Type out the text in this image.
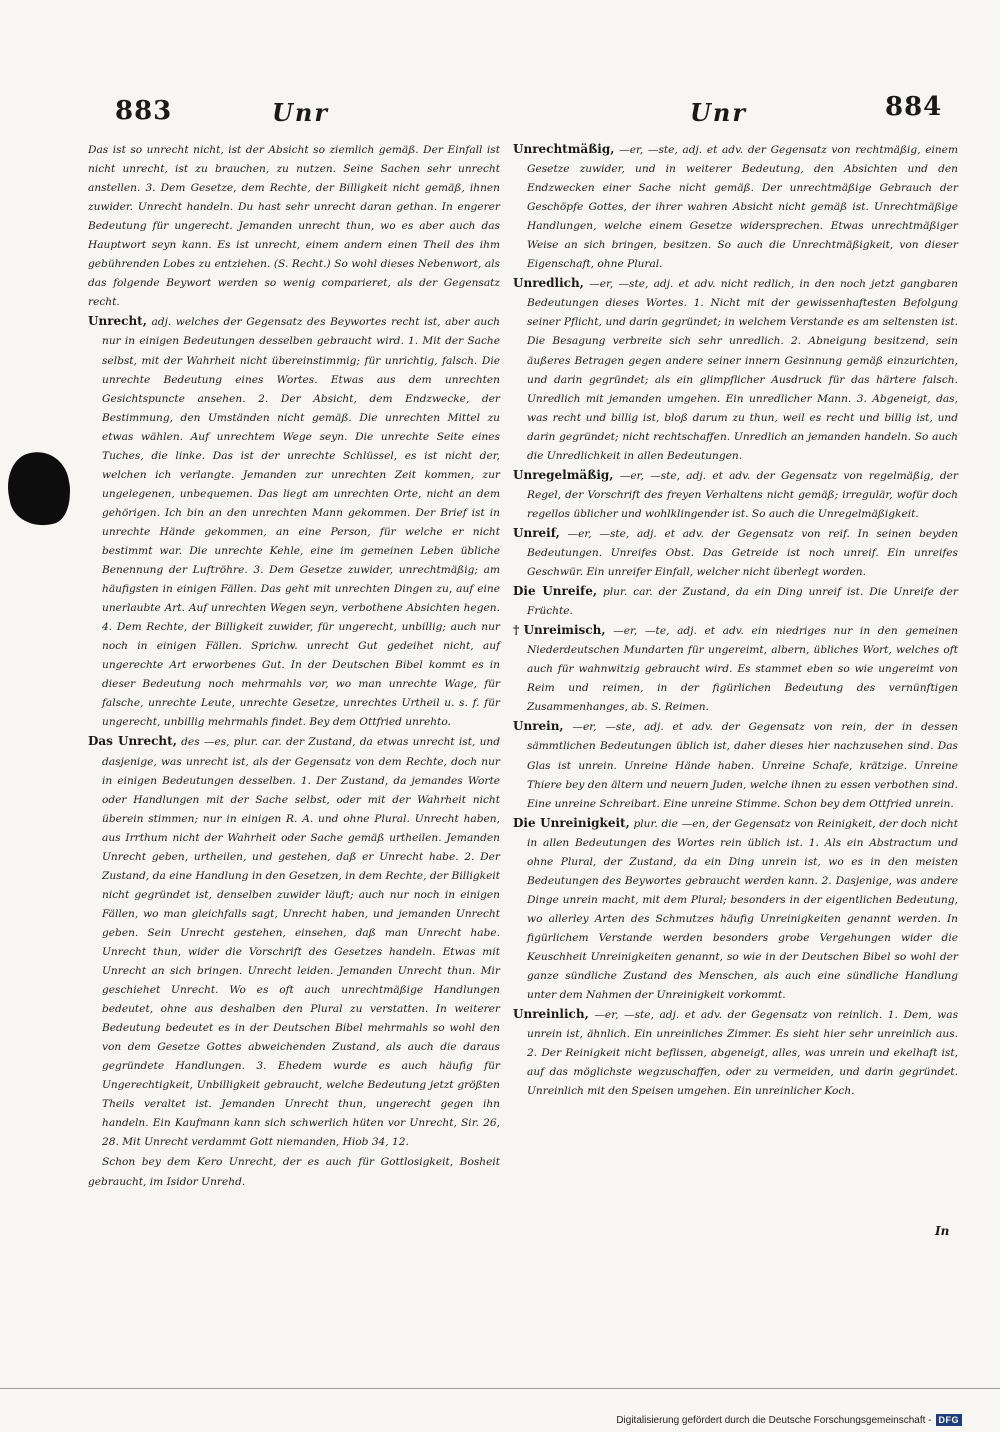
883	Unr	Unr	884

Das ist so unrecht nicht, ist der Absicht so ziemlich gemäß. Der Einfall ist nicht unrecht, ist zu brauchen, zu nutzen. Seine Sachen sehr unrecht anstellen. 3. Dem Gesetze, dem Rechte, der Billigkeit nicht gemäß, ihnen zuwider. Unrecht handeln. Du hast sehr unrecht daran gethan. In engerer Bedeutung für ungerecht. Jemanden unrecht thun, wo es aber auch das Hauptwort seyn kann. Es ist unrecht, einem andern einen Theil des ihm gebührenden Lobes zu entziehen. (S. Recht.) So wohl dieses Nebenwort, als das folgende Beywort werden so wenig comparieret, als der Gegensatz recht.

Unrecht, adj. welches der Gegensatz des Beywortes recht ist, aber auch nur in einigen Bedeutungen desselben gebraucht wird. 1. Mit der Sache selbst, mit der Wahrheit nicht übereinstimmig; für unrichtig, falsch. Die unrechte Bedeutung eines Wortes. Etwas aus dem unrechten Gesichtspuncte ansehen. 2. Der Absicht, dem Endzwecke, der Bestimmung, den Umständen nicht gemäß. Die unrechten Mittel zu etwas wählen. Auf unrechtem Wege seyn. Die unrechte Seite eines Tuches, die linke. Das ist der unrechte Schlüssel, es ist nicht der, welchen ich verlangte. Jemanden zur unrechten Zeit kommen, zur ungelegenen, unbequemen. Das liegt am unrechten Orte, nicht an dem gehörigen. Ich bin an den unrechten Mann gekommen. Der Brief ist in unrechte Hände gekommen, an eine Person, für welche er nicht bestimmt war. Die unrechte Kehle, eine im gemeinen Leben übliche Benennung der Luftröhre. 3. Dem Gesetze zuwider, unrechtmäßig; am häufigsten in einigen Fällen. Das geht mit unrechten Dingen zu, auf eine unerlaubte Art. Auf unrechten Wegen seyn, verbothene Absichten hegen. 4. Dem Rechte, der Billigkeit zuwider, für ungerecht, unbillig; auch nur noch in einigen Fällen. Sprichw. unrecht Gut gedeihet nicht, auf ungerechte Art erworbenes Gut. In der Deutschen Bibel kommt es in dieser Bedeutung noch mehrmahls vor, wo man unrechte Wage, für falsche, unrechte Leute, unrechte Gesetze, unrechtes Urtheil u. s. f. für ungerecht, unbillig mehrmahls findet. Bey dem Ottfried unrehto.

Das Unrecht, des —es, plur. car. der Zustand, da etwas unrecht ist, und dasjenige, was unrecht ist, als der Gegensatz von dem Rechte, doch nur in einigen Bedeutungen desselben. 1. Der Zustand, da jemandes Worte oder Handlungen mit der Sache selbst, oder mit der Wahrheit nicht überein stimmen; nur in einigen R. A. und ohne Plural. Unrecht haben, aus Irrthum nicht der Wahrheit oder Sache gemäß urtheilen. Jemanden Unrecht geben, urtheilen, und gestehen, daß er Unrecht habe. 2. Der Zustand, da eine Handlung in den Gesetzen, in dem Rechte, der Billigkeit nicht gegründet ist, denselben zuwider läuft; auch nur noch in einigen Fällen, wo man gleichfalls sagt, Unrecht haben, und jemanden Unrecht geben. Sein Unrecht gestehen, einsehen, daß man Unrecht habe. Unrecht thun, wider die Vorschrift des Gesetzes handeln. Etwas mit Unrecht an sich bringen. Unrecht leiden. Jemanden Unrecht thun. Mir geschiehet Unrecht. Wo es oft auch unrechtmäßige Handlungen bedeutet, ohne aus deshalben den Plural zu verstatten. In weiterer Bedeutung bedeutet es in der Deutschen Bibel mehrmahls so wohl den von dem Gesetze Gottes abweichenden Zustand, als auch die daraus gegründete Handlungen. 3. Ehedem wurde es auch häufig für Ungerechtigkeit, Unbilligkeit gebraucht, welche Bedeutung jetzt größten Theils veraltet ist. Jemanden Unrecht thun, ungerecht gegen ihn handeln. Ein Kaufmann kann sich schwerlich hüten vor Unrecht, Sir. 26, 28. Mit Unrecht verdammt Gott niemanden, Hiob 34, 12.

Schon bey dem Kero Unrecht, der es auch für Gottlosigkeit, Bosheit gebraucht, im Isidor Unrehd.

Unrechtmäßig, —er, —ste, adj. et adv. der Gegensatz von rechtmäßig, einem Gesetze zuwider, und in weiterer Bedeutung, den Absichten und den Endzwecken einer Sache nicht gemäß. Der unrechtmäßige Gebrauch der Geschöpfe Gottes, der ihrer wahren Absicht nicht gemäß ist. Unrechtmäßige Handlungen, welche einem Gesetze widersprechen. Etwas unrechtmäßiger Weise an sich bringen, besitzen. So auch die Unrechtmäßigkeit, von dieser Eigenschaft, ohne Plural.

Unredlich, —er, —ste, adj. et adv. nicht redlich, in den noch jetzt gangbaren Bedeutungen dieses Wortes. 1. Nicht mit der gewissenhaftesten Befolgung seiner Pflicht, und darin gegründet; in welchem Verstande es am seltensten ist. Die Besagung verbreite sich sehr unredlich. 2. Abneigung besitzend, sein äußeres Betragen gegen andere seiner innern Gesinnung gemäß einzurichten, und darin gegründet; als ein glimpflicher Ausdruck für das härtere falsch. Unredlich mit jemanden umgehen. Ein unredlicher Mann. 3. Abgeneigt, das, was recht und billig ist, bloß darum zu thun, weil es recht und billig ist, und darin gegründet; nicht rechtschaffen. Unredlich an jemanden handeln. So auch die Unredlichkeit in allen Bedeutungen.

Unregelmäßig, —er, —ste, adj. et adv. der Gegensatz von regelmäßig, der Regel, der Vorschrift des freyen Verhaltens nicht gemäß; irregulär, wofür doch regellos üblicher und wohlklingender ist. So auch die Unregelmäßigkeit.

Unreif, —er, —ste, adj. et adv. der Gegensatz von reif. In seinen beyden Bedeutungen. Unreifes Obst. Das Getreide ist noch unreif. Ein unreifes Geschwür. Ein unreifer Einfall, welcher nicht überlegt worden.

Die Unreife, plur. car. der Zustand, da ein Ding unreif ist. Die Unreife der Früchte.

†Unreimisch, —er, —te, adj. et adv. ein niedriges nur in den gemeinen Niederdeutschen Mundarten für ungereimt, albern, übliches Wort, welches oft auch für wahnwitzig gebraucht wird. Es stammet eben so wie ungereimt von Reim und reimen, in der figürlichen Bedeutung des vernünftigen Zusammenhanges, ab. S. Reimen.

Unrein, —er, —ste, adj. et adv. der Gegensatz von rein, der in dessen sämmtlichen Bedeutungen üblich ist, daher dieses hier nachzusehen sind. Das Glas ist unrein. Unreine Hände haben. Unreine Schafe, krätzige. Unreine Thiere bey den ältern und neuern Juden, welche ihnen zu essen verbothen sind. Eine unreine Schreibart. Eine unreine Stimme. Schon bey dem Ottfried unrein.

Die Unreinigkeit, plur. die —en, der Gegensatz von Reinigkeit, der doch nicht in allen Bedeutungen des Wortes rein üblich ist. 1. Als ein Abstractum und ohne Plural, der Zustand, da ein Ding unrein ist, wo es in den meisten Bedeutungen des Beywortes gebraucht werden kann. 2. Dasjenige, was andere Dinge unrein macht, mit dem Plural; besonders in der eigentlichen Bedeutung, wo allerley Arten des Schmutzes häufig Unreinigkeiten genannt werden. In figürlichem Verstande werden besonders grobe Vergehungen wider die Keuschheit Unreinigkeiten genannt, so wie in der Deutschen Bibel so wohl der ganze sündliche Zustand des Menschen, als auch eine sündliche Handlung unter dem Nahmen der Unreinigkeit vorkommt.

Unreinlich, —er, —ste, adj. et adv. der Gegensatz von reinlich. 1. Dem, was unrein ist, ähnlich. Ein unreinliches Zimmer. Es sieht hier sehr unreinlich aus. 2. Der Reinigkeit nicht beflissen, abgeneigt, alles, was unrein und ekelhaft ist, auf das möglichste wegzuschaffen, oder zu vermeiden, und darin gegründet. Unreinlich mit den Speisen umgehen. Ein unreinlicher Koch.

In
Digitalisierung gefördert durch die Deutsche Forschungsgemeinschaft - DFG
